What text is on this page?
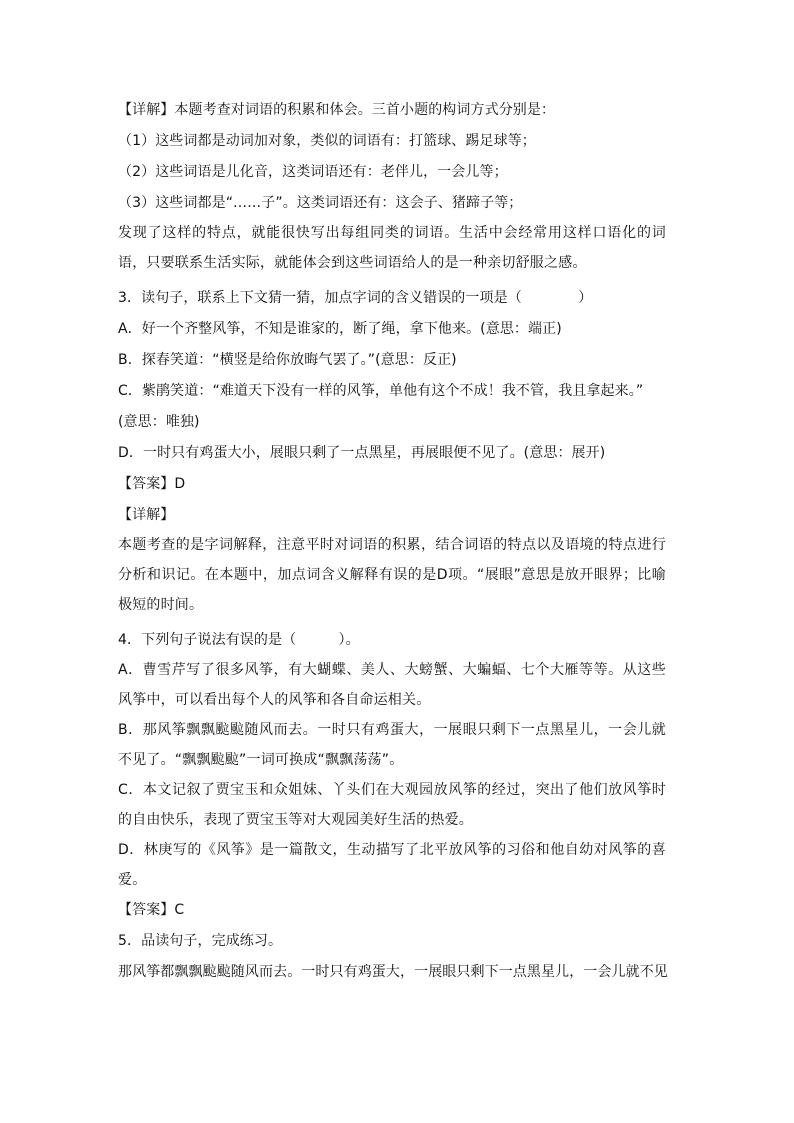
【详解】本题考查对词语的积累和体会。三首小题的构词方式分别是：
（1）这些词都是动词加对象，类似的词语有：打篮球、踢足球等；
（2）这些词语是儿化音，这类词语还有：老伴儿，一会儿等；
（3）这些词都是“……子”。这类词语还有：这会子、猪蹄子等；
发现了这样的特点，就能很快写出每组同类的词语。生活中会经常用这样口语化的词语，只要联系生活实际，就能体会到这些词语给人的是一种亲切舒服之感。
3．读句子，联系上下文猜一猜，加点字词的含义错误的一项是（　　　　）
A．好一个齐整风筝，不知是谁家的，断了绳，拿下他来。(意思：端正)
B．探春笑道：“横竖是给你放晦气罢了。”(意思：反正)
C．紫鹃笑道：“难道天下没有一样的风筝，单他有这个不成！我不管，我且拿起来。”
(意思：唯独)
D．一时只有鸡蛋大小，展眼只剩了一点黑星，再展眼便不见了。(意思：展开)
【答案】D
【详解】
本题考查的是字词解释，注意平时对词语的积累，结合词语的特点以及语境的特点进行分析和识记。在本题中，加点词含义解释有误的是D项。“展眼”意思是放开眼界；比喻极短的时间。
4．下列句子说法有误的是（　　　）。
A．曹雪芹写了很多风筝，有大蝴蝶、美人、大螃蟹、大蝙蝠、七个大雁等等。从这些风筝中，可以看出每个人的风筝和各自命运相关。
B．那风筝飘飘䬃䬃随风而去。一时只有鸡蛋大，一展眼只剩下一点黑星儿，一会儿就不见了。“飘飘䬃䬃”一词可换成“飘飘荡荡”。
C．本文记叙了贾宝玉和众姐妹、丫头们在大观园放风筝的经过，突出了他们放风筝时的自由快乐，表现了贾宝玉等对大观园美好生活的热爱。
D．林庚写的《风筝》是一篇散文，生动描写了北平放风筝的习俗和他自幼对风筝的喜爱。
【答案】C
5．品读句子，完成练习。
那风筝都飘飘䬃䬃随风而去。一时只有鸡蛋大，一展眼只剩下一点黑星儿，一会儿就不见
